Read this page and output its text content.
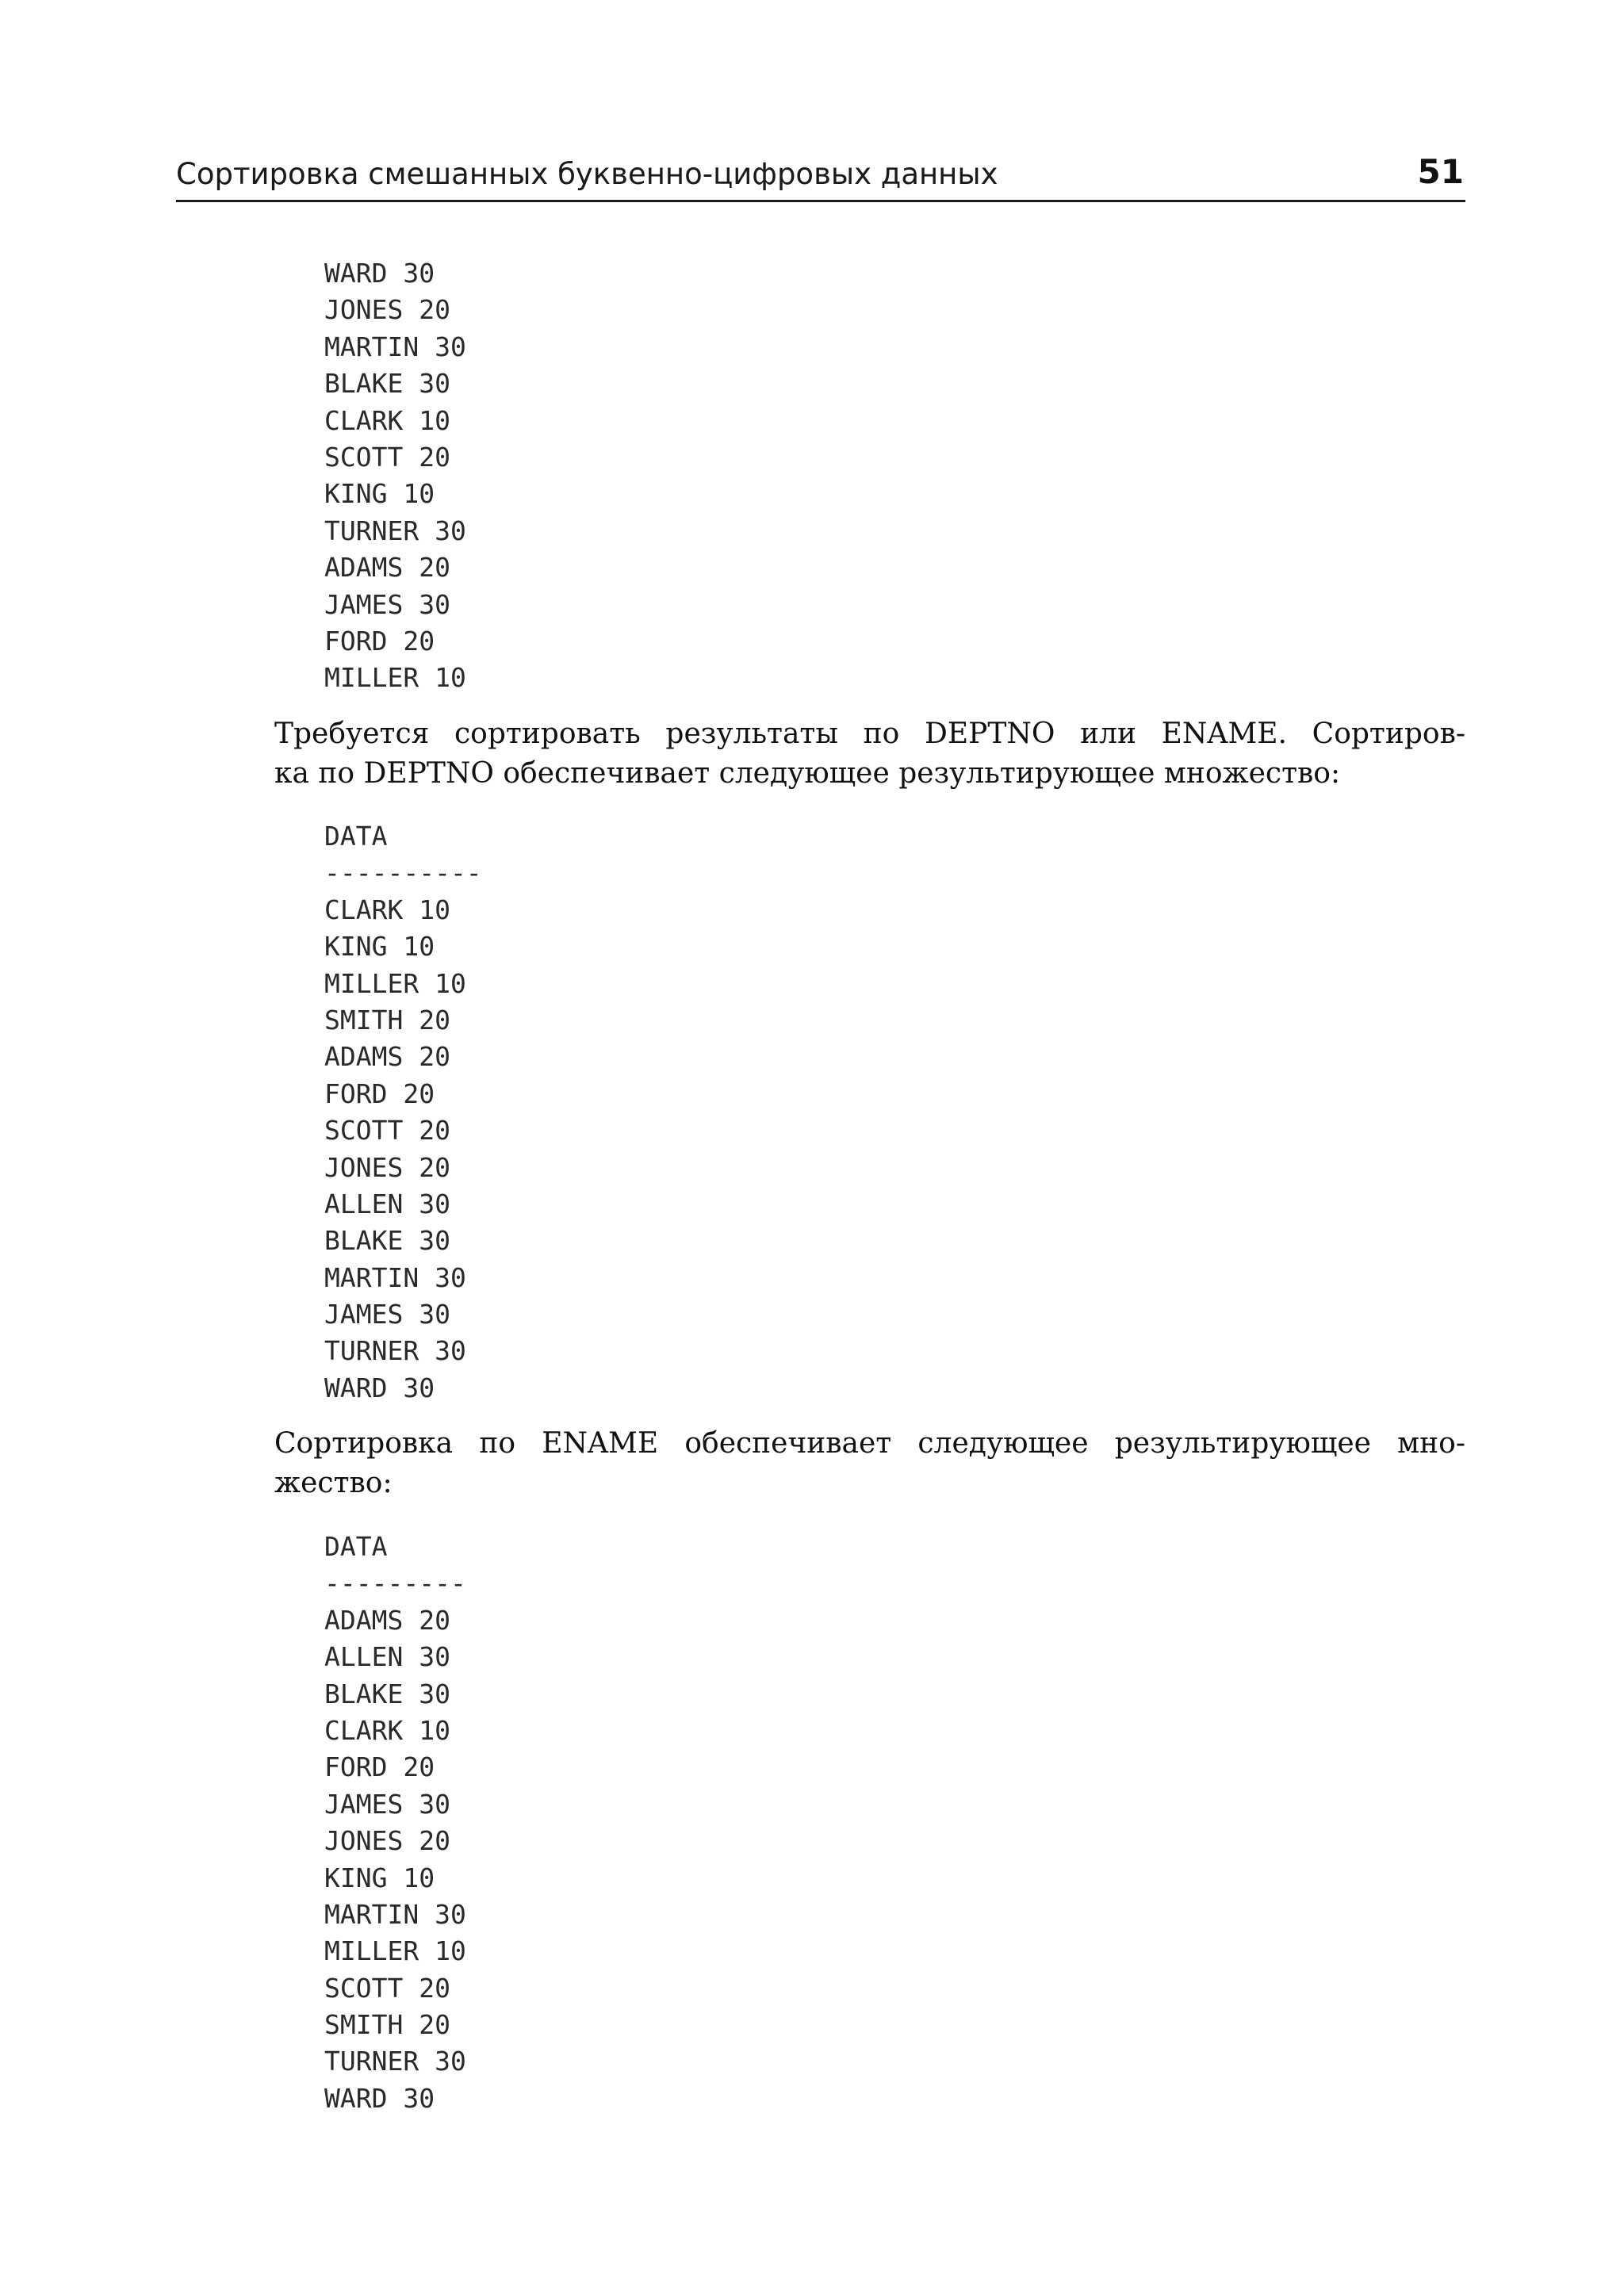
Сортировка смешанных буквенно-цифровых данных	51
WARD 30
JONES 20
MARTIN 30
BLAKE 30
CLARK 10
SCOTT 20
KING 10
TURNER 30
ADAMS 20
JAMES 30
FORD 20
MILLER 10

Требуется сортировать результаты по DEPTNO или ENAME. Сортиров-
ка по DEPTNO обеспечивает следующее результирующее множество:

DATA
----------
CLARK 10
KING 10
MILLER 10
SMITH 20
ADAMS 20
FORD 20
SCOTT 20
JONES 20
ALLEN 30
BLAKE 30
MARTIN 30
JAMES 30
TURNER 30
WARD 30

Сортировка по ENAME обеспечивает следующее результирующее мно-
жество:

DATA
---------
ADAMS 20
ALLEN 30
BLAKE 30
CLARK 10
FORD 20
JAMES 30
JONES 20
KING 10
MARTIN 30
MILLER 10
SCOTT 20
SMITH 20
TURNER 30
WARD 30
